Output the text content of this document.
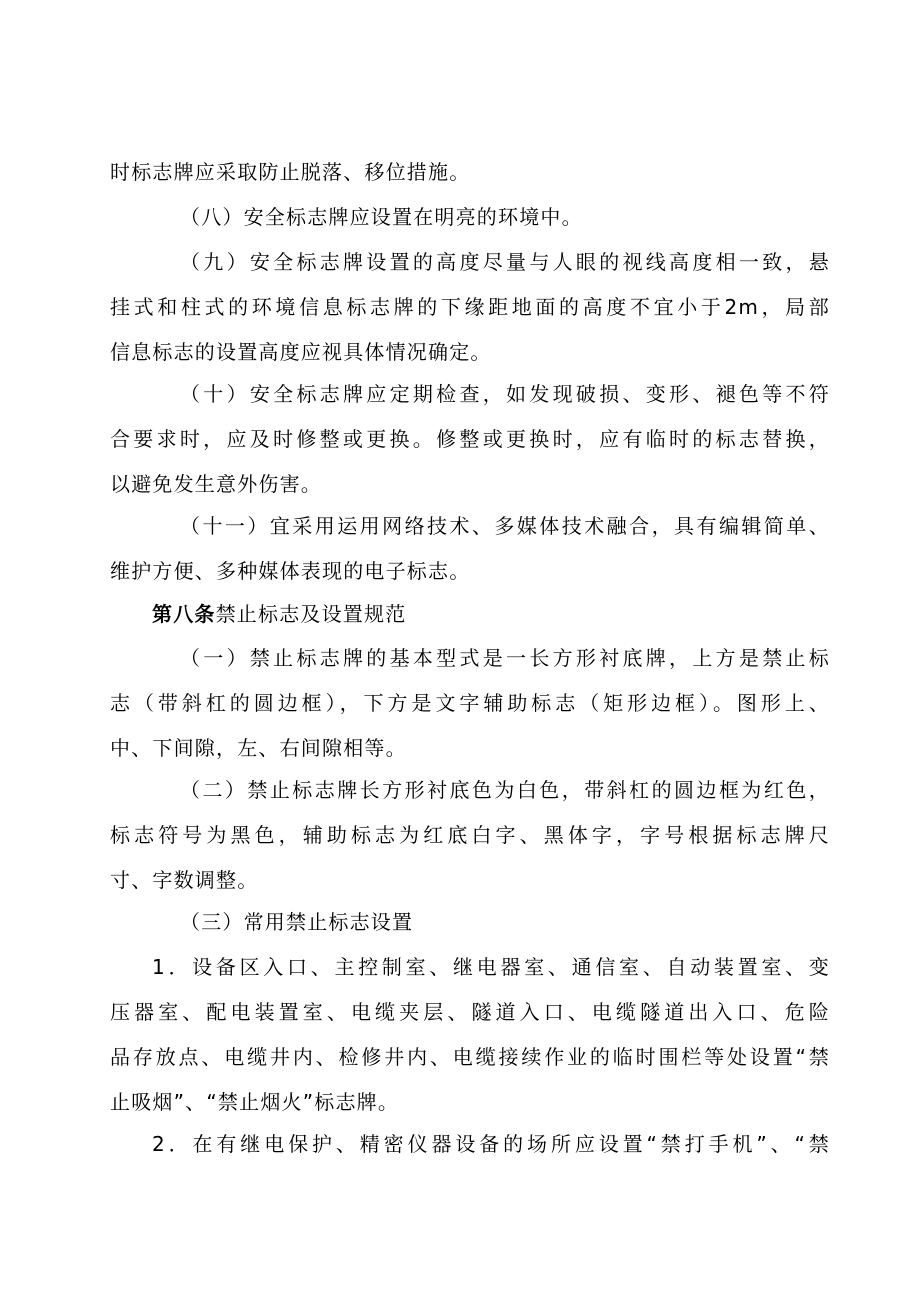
时标志牌应采取防止脱落、移位措施。
（八）安全标志牌应设置在明亮的环境中。
（九）安全标志牌设置的高度尽量与人眼的视线高度相一致，悬
挂式和柱式的环境信息标志牌的下缘距地面的高度不宜小于2m，局部
信息标志的设置高度应视具体情况确定。
（十）安全标志牌应定期检查，如发现破损、变形、褪色等不符
合要求时，应及时修整或更换。修整或更换时，应有临时的标志替换，
以避免发生意外伤害。
（十一）宜采用运用网络技术、多媒体技术融合，具有编辑简单、
维护方便、多种媒体表现的电子标志。
第八条禁止标志及设置规范
（一）禁止标志牌的基本型式是一长方形衬底牌，上方是禁止标
志（带斜杠的圆边框），下方是文字辅助标志（矩形边框）。图形上、
中、下间隙，左、右间隙相等。
（二）禁止标志牌长方形衬底色为白色，带斜杠的圆边框为红色，
标志符号为黑色，辅助标志为红底白字、黑体字，字号根据标志牌尺
寸、字数调整。
（三）常用禁止标志设置
1．设备区入口、主控制室、继电器室、通信室、自动装置室、变
压器室、配电装置室、电缆夹层、隧道入口、电缆隧道出入口、危险
品存放点、电缆井内、检修井内、电缆接续作业的临时围栏等处设置“禁
止吸烟”、“禁止烟火”标志牌。
2．在有继电保护、精密仪器设备的场所应设置“禁打手机”、“禁
